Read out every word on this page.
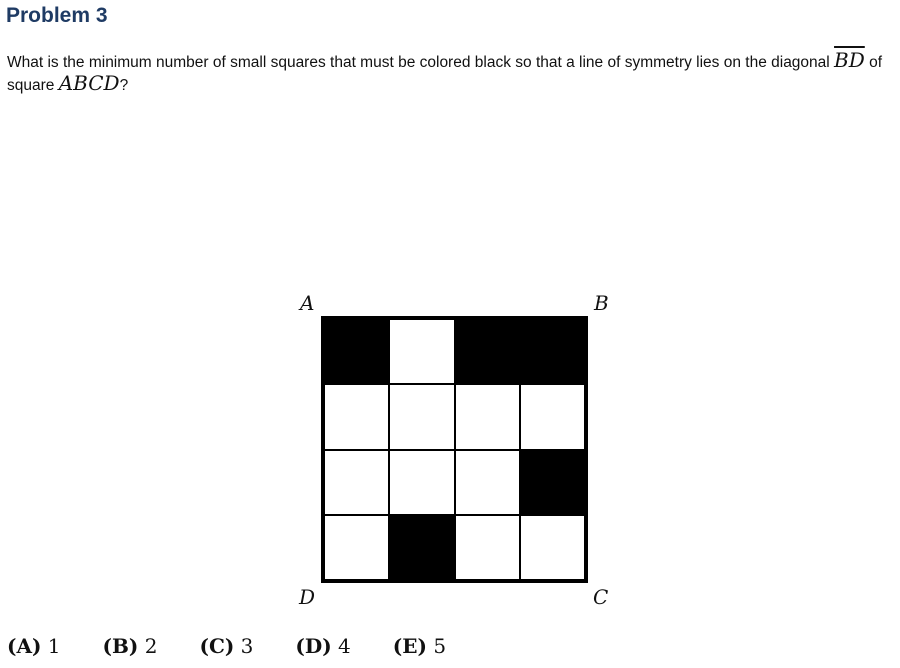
Problem 3
What is the minimum number of small squares that must be colored black so that a line of symmetry lies on the diagonal $\overline{BD}$ of square ABCD?
A	B
D	C
(A) 1 (B) 2 (C) 3 (D) 4 (E) 5
